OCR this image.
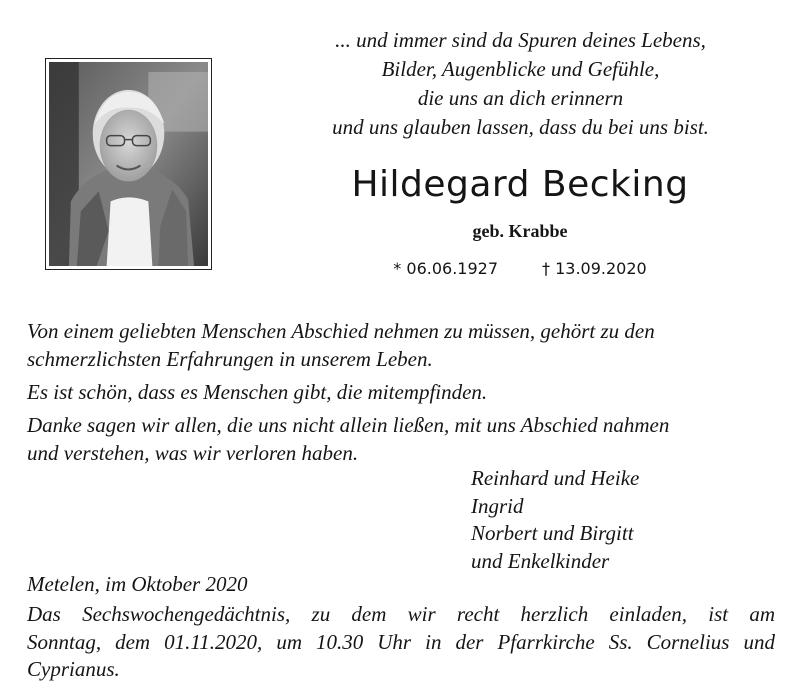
... und immer sind da Spuren deines Lebens,
Bilder, Augenblicke und Gefühle,
die uns an dich erinnern
und uns glauben lassen, dass du bei uns bist.
Hildegard Becking
geb. Krabbe
* 06.06.1927	† 13.09.2020
Von einem geliebten Menschen Abschied nehmen zu müssen, gehört zu den
schmerzlichsten Erfahrungen in unserem Leben.
Es ist schön, dass es Menschen gibt, die mitempfinden.
Danke sagen wir allen, die uns nicht allein ließen, mit uns Abschied nahmen
und verstehen, was wir verloren haben.
Reinhard und Heike
Ingrid
Norbert und Birgitt
und Enkelkinder
Metelen, im Oktober 2020
Das Sechswochengedächtnis, zu dem wir recht herzlich einladen, ist am
Sonntag, dem 01.11.2020, um 10.30 Uhr in der Pfarrkirche Ss. Cornelius und
Cyprianus.
